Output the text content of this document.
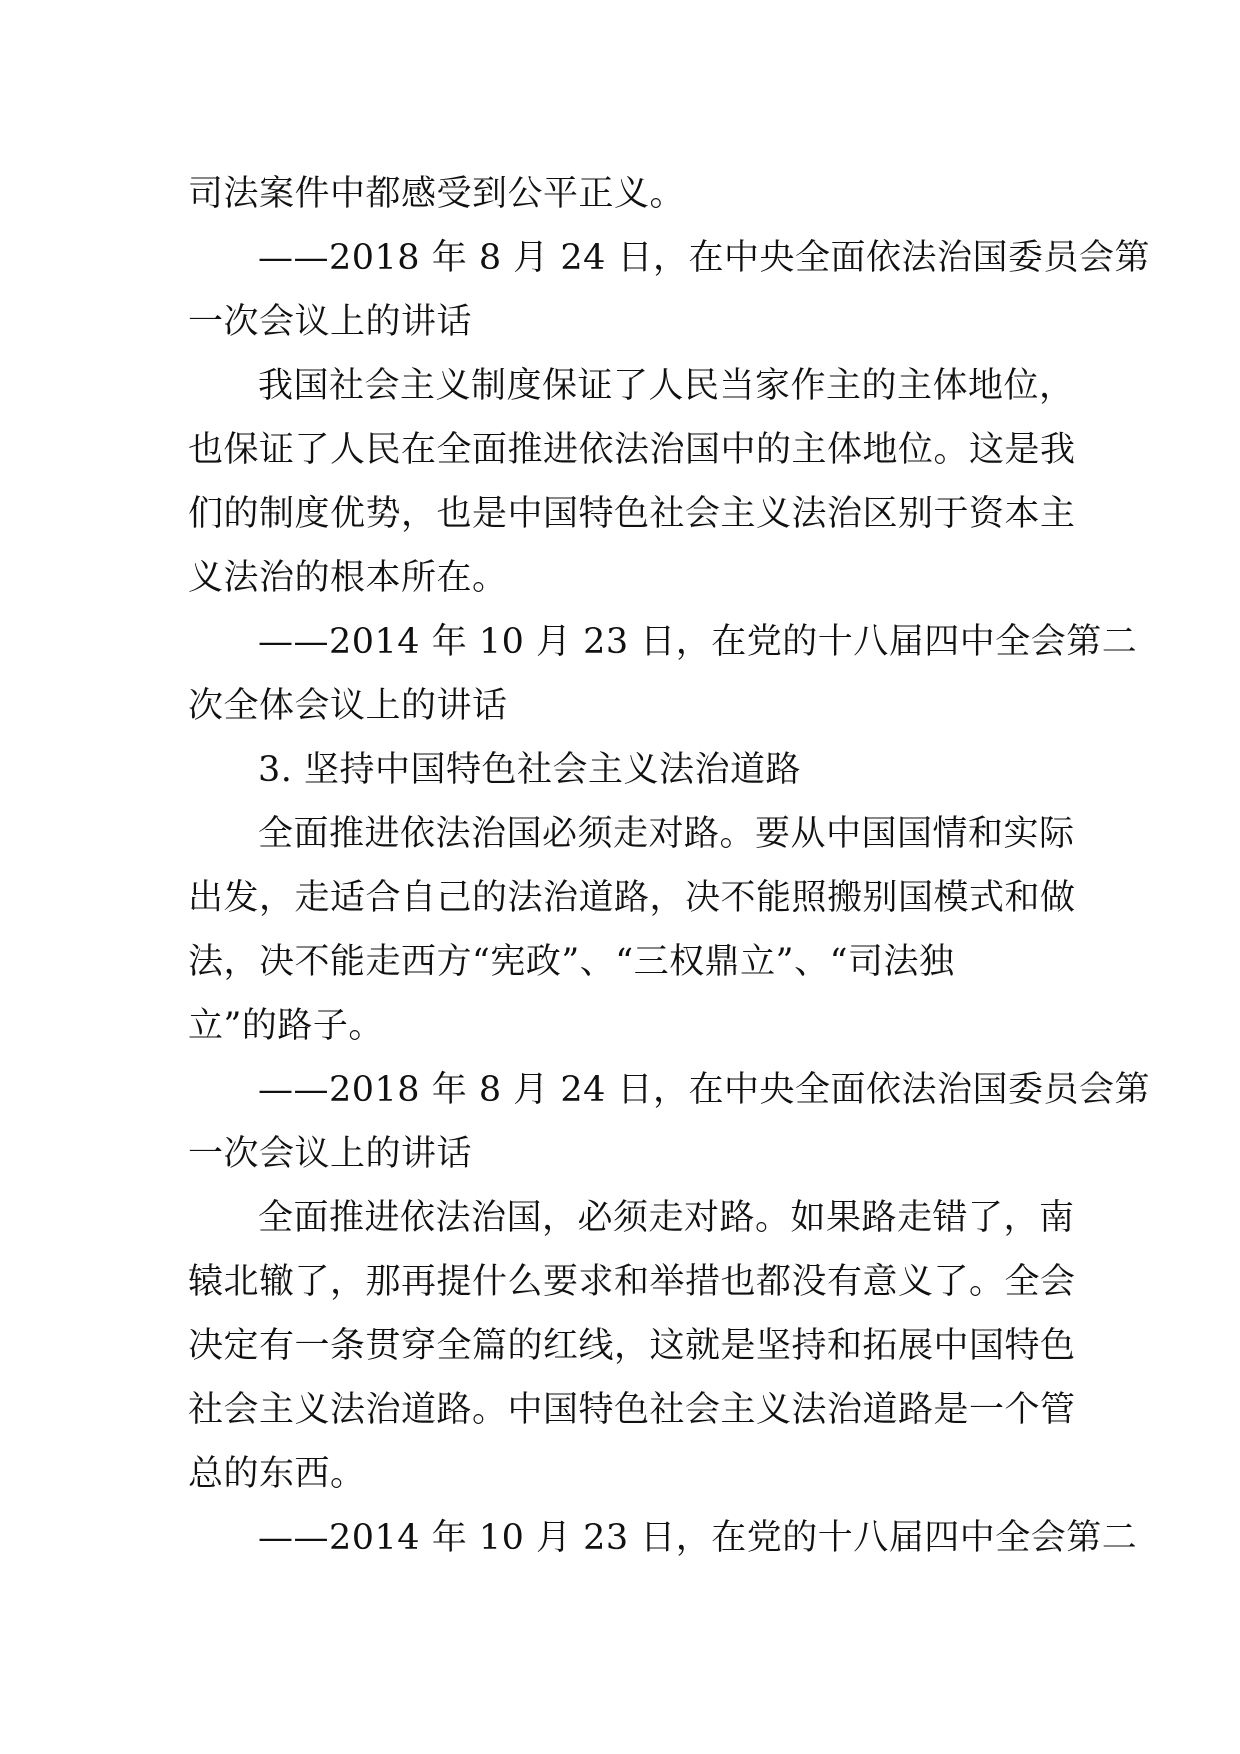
司法案件中都感受到公平正义。
——2018 年 8 月 24 日，在中央全面依法治国委员会第
一次会议上的讲话
我国社会主义制度保证了人民当家作主的主体地位，
也保证了人民在全面推进依法治国中的主体地位。这是我
们的制度优势，也是中国特色社会主义法治区别于资本主
义法治的根本所在。
——2014 年 10 月 23 日，在党的十八届四中全会第二
次全体会议上的讲话
3. 坚持中国特色社会主义法治道路
全面推进依法治国必须走对路。要从中国国情和实际
出发，走适合自己的法治道路，决不能照搬别国模式和做
法，决不能走西方“宪政”、“三权鼎立”、“司法独
立”的路子。
——2018 年 8 月 24 日，在中央全面依法治国委员会第
一次会议上的讲话
全面推进依法治国，必须走对路。如果路走错了，南
辕北辙了，那再提什么要求和举措也都没有意义了。全会
决定有一条贯穿全篇的红线，这就是坚持和拓展中国特色
社会主义法治道路。中国特色社会主义法治道路是一个管
总的东西。
——2014 年 10 月 23 日，在党的十八届四中全会第二
